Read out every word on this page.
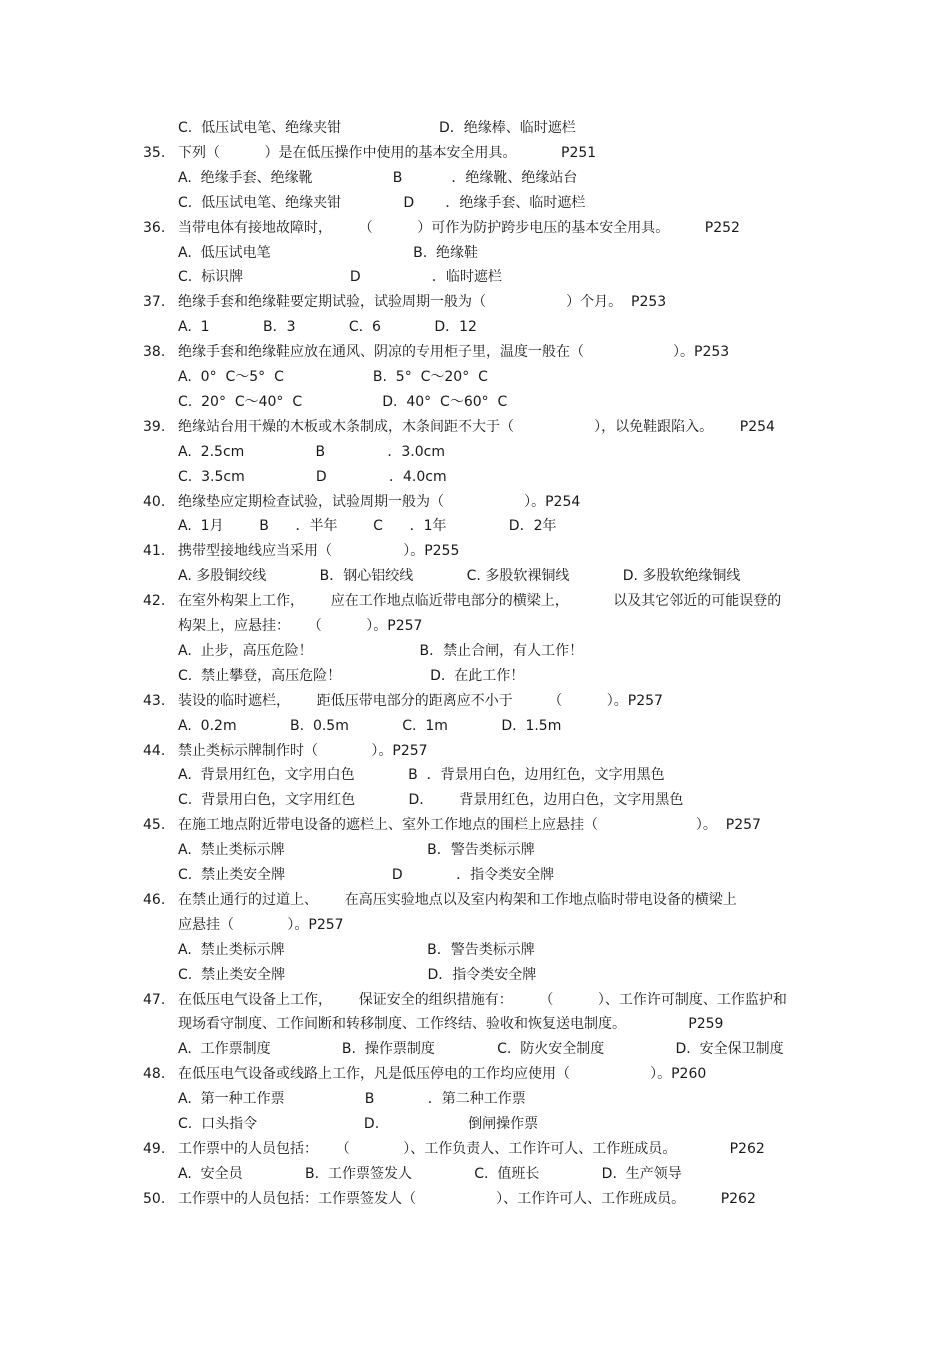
C.  低压试电笔、绝缘夹钳                      D．绝缘棒、临时遮栏
35. 下列（          ）是在低压操作中使用的基本安全用具。          P251
A.  绝缘手套、绝缘靴                  B           ．绝缘靴、绝缘站台
C.  低压试电笔、绝缘夹钳              D       ．绝缘手套、临时遮栏
36. 当带电体有接地故障时，      （          ）可作为防护跨步电压的基本安全用具。        P252
A.  低压试电笔                                B.  绝缘鞋
C.  标识牌                        D                ．临时遮栏
37. 绝缘手套和绝缘鞋要定期试验，试验周期一般为（                  ）个月。  P253
A.  1            B．3            C.  6            D．12
38. 绝缘手套和绝缘鞋应放在通风、阴凉的专用柜子里，温度一般在（                    ）。P253
A.  0°  C～5°  C                    B.  5°  C～20°  C
C.  20°  C～40°  C                  D.  40°  C～60°  C
39. 绝缘站台用干燥的木板或木条制成，木条间距不大于（                  ），以免鞋跟陷入。      P254
A.  2.5cm                B              ．3.0cm
C.  3.5cm                D              ．4.0cm
40. 绝缘垫应定期检查试验，试验周期一般为（                  ）。P254
A.  1月        B      ．半年        C      ．1年              D．2年
41. 携带型接地线应当采用（                ）。P255
A. 多股铜绞线            B．钢心铝绞线            C. 多股软裸铜线            D. 多股软绝缘铜线
42. 在室外构架上工作，      应在工作地点临近带电部分的横梁上，          以及其它邻近的可能误登的
构架上，应悬挂：    （          ）。P257
A.  止步，高压危险！                        B．禁止合闸，有人工作！
C.  禁止攀登，高压危险！                    D.  在此工作！
43. 装设的临时遮栏，      距低压带电部分的距离应不小于        （          ）。P257
A.  0.2m            B.  0.5m            C.  1m            D.  1.5m
44. 禁止类标示牌制作时（            ）。P257
A.  背景用红色，文字用白色            B  ．背景用白色，边用红色，文字用黑色
C.  背景用白色，文字用红色            D.        背景用红色，边用白色，文字用黑色
45. 在施工地点附近带电设备的遮栏上、室外工作地点的围栏上应悬挂（                      ）。  P257
A.  禁止类标示牌                                B．警告类标示牌
C.  禁止类安全牌                        D            ．指令类安全牌
46. 在禁止通行的过道上、      在高压实验地点以及室内构架和工作地点临时带电设备的横梁上
应悬挂（            ）。P257
A.  禁止类标示牌                                B．警告类标示牌
C.  禁止类安全牌                                D．指令类安全牌
47. 在低压电气设备上工作，      保证安全的组织措施有：      （          ）、工作许可制度、工作监护和
现场看守制度、工作间断和转移制度、工作终结、验收和恢复送电制度。              P259
A.  工作票制度                B.  操作票制度              C.  防火安全制度                D.  安全保卫制度
48. 在低压电气设备或线路上工作，凡是低压停电的工作均应使用（                  ）。P260
A.  第一种工作票                  B            ．第二种工作票
C.  口头指令                        D.                    倒闸操作票
49. 工作票中的人员包括：    （            ）、工作负责人、工作许可人、工作班成员。            P262
A.  安全员              B.  工作票签发人              C.  值班长              D.  生产领导
50. 工作票中的人员包括：工作票签发人（                  ）、工作许可人、工作班成员。        P262
